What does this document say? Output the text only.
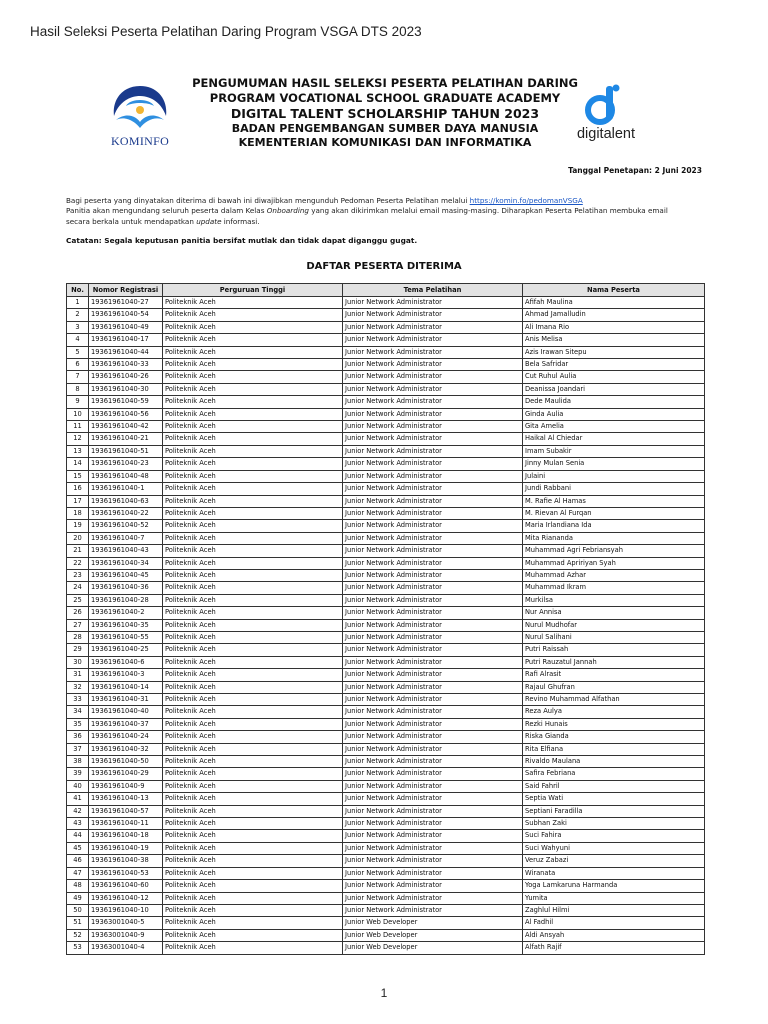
Hasil Seleksi Peserta Pelatihan Daring Program VSGA DTS 2023
KOMINFO
PENGUMUMAN HASIL SELEKSI PESERTA PELATIHAN DARING
PROGRAM VOCATIONAL SCHOOL GRADUATE ACADEMY
DIGITAL TALENT SCHOLARSHIP TAHUN 2023
BADAN PENGEMBANGAN SUMBER DAYA MANUSIA
KEMENTERIAN KOMUNIKASI DAN INFORMATIKA
digitalent
Tanggal Penetapan: 2 Juni 2023
Bagi peserta yang dinyatakan diterima di bawah ini diwajibkan mengunduh Pedoman Peserta Pelatihan melalui https://komin.fo/pedomanVSGA
Panitia akan mengundang seluruh peserta dalam Kelas Onboarding yang akan dikirimkan melalui email masing-masing. Diharapkan Peserta Pelatihan membuka email
secara berkala untuk mendapatkan update informasi.
Catatan: Segala keputusan panitia bersifat mutlak dan tidak dapat diganggu gugat.
DAFTAR PESERTA DITERIMA
No.	Nomor Registrasi	Perguruan Tinggi	Tema Pelatihan	Nama Peserta
1	19361961040-27	Politeknik Aceh	Junior Network Administrator	Afifah Maulina
2	19361961040-54	Politeknik Aceh	Junior Network Administrator	Ahmad Jamalludin
3	19361961040-49	Politeknik Aceh	Junior Network Administrator	Ali Imana Rio
4	19361961040-17	Politeknik Aceh	Junior Network Administrator	Anis Melisa
5	19361961040-44	Politeknik Aceh	Junior Network Administrator	Azis Irawan Sitepu
6	19361961040-33	Politeknik Aceh	Junior Network Administrator	Bela Safridar
7	19361961040-26	Politeknik Aceh	Junior Network Administrator	Cut Ruhul Aulia
8	19361961040-30	Politeknik Aceh	Junior Network Administrator	Deanissa Joandari
9	19361961040-59	Politeknik Aceh	Junior Network Administrator	Dede Maulida
10	19361961040-56	Politeknik Aceh	Junior Network Administrator	Ginda Aulia
11	19361961040-42	Politeknik Aceh	Junior Network Administrator	Gita Amelia
12	19361961040-21	Politeknik Aceh	Junior Network Administrator	Haikal Al Chiedar
13	19361961040-51	Politeknik Aceh	Junior Network Administrator	Imam Subakir
14	19361961040-23	Politeknik Aceh	Junior Network Administrator	Jinny Mulan Senia
15	19361961040-48	Politeknik Aceh	Junior Network Administrator	Julaini
16	19361961040-1	Politeknik Aceh	Junior Network Administrator	Jundi Rabbani
17	19361961040-63	Politeknik Aceh	Junior Network Administrator	M. Rafie Al Hamas
18	19361961040-22	Politeknik Aceh	Junior Network Administrator	M. Rievan Al Furqan
19	19361961040-52	Politeknik Aceh	Junior Network Administrator	Maria Irlandiana Ida
20	19361961040-7	Politeknik Aceh	Junior Network Administrator	Mita Riananda
21	19361961040-43	Politeknik Aceh	Junior Network Administrator	Muhammad Agri Febriansyah
22	19361961040-34	Politeknik Aceh	Junior Network Administrator	Muhammad Apririyan Syah
23	19361961040-45	Politeknik Aceh	Junior Network Administrator	Muhammad Azhar
24	19361961040-36	Politeknik Aceh	Junior Network Administrator	Muhammad Ikram
25	19361961040-28	Politeknik Aceh	Junior Network Administrator	Murkilsa
26	19361961040-2	Politeknik Aceh	Junior Network Administrator	Nur Annisa
27	19361961040-35	Politeknik Aceh	Junior Network Administrator	Nurul Mudhofar
28	19361961040-55	Politeknik Aceh	Junior Network Administrator	Nurul Salihani
29	19361961040-25	Politeknik Aceh	Junior Network Administrator	Putri Raissah
30	19361961040-6	Politeknik Aceh	Junior Network Administrator	Putri Rauzatul Jannah
31	19361961040-3	Politeknik Aceh	Junior Network Administrator	Rafi Alrasit
32	19361961040-14	Politeknik Aceh	Junior Network Administrator	Rajaul Ghufran
33	19361961040-31	Politeknik Aceh	Junior Network Administrator	Revino Muhammad Alfathan
34	19361961040-40	Politeknik Aceh	Junior Network Administrator	Reza Aulya
35	19361961040-37	Politeknik Aceh	Junior Network Administrator	Rezki Hunais
36	19361961040-24	Politeknik Aceh	Junior Network Administrator	Riska Gianda
37	19361961040-32	Politeknik Aceh	Junior Network Administrator	Rita Elfiana
38	19361961040-50	Politeknik Aceh	Junior Network Administrator	Rivaldo Maulana
39	19361961040-29	Politeknik Aceh	Junior Network Administrator	Safira Febriana
40	19361961040-9	Politeknik Aceh	Junior Network Administrator	Said Fahril
41	19361961040-13	Politeknik Aceh	Junior Network Administrator	Septia Wati
42	19361961040-57	Politeknik Aceh	Junior Network Administrator	Septiani Faradilla
43	19361961040-11	Politeknik Aceh	Junior Network Administrator	Subhan Zaki
44	19361961040-18	Politeknik Aceh	Junior Network Administrator	Suci Fahira
45	19361961040-19	Politeknik Aceh	Junior Network Administrator	Suci Wahyuni
46	19361961040-38	Politeknik Aceh	Junior Network Administrator	Veruz Zabazi
47	19361961040-53	Politeknik Aceh	Junior Network Administrator	Wiranata
48	19361961040-60	Politeknik Aceh	Junior Network Administrator	Yoga Lamkaruna Harmanda
49	19361961040-12	Politeknik Aceh	Junior Network Administrator	Yumita
50	19361961040-10	Politeknik Aceh	Junior Network Administrator	Zaghlul Hilmi
51	19363001040-5	Politeknik Aceh	Junior Web Developer	Al Fadhil
52	19363001040-9	Politeknik Aceh	Junior Web Developer	Aldi Ansyah
53	19363001040-4	Politeknik Aceh	Junior Web Developer	Alfath Rajif
1
